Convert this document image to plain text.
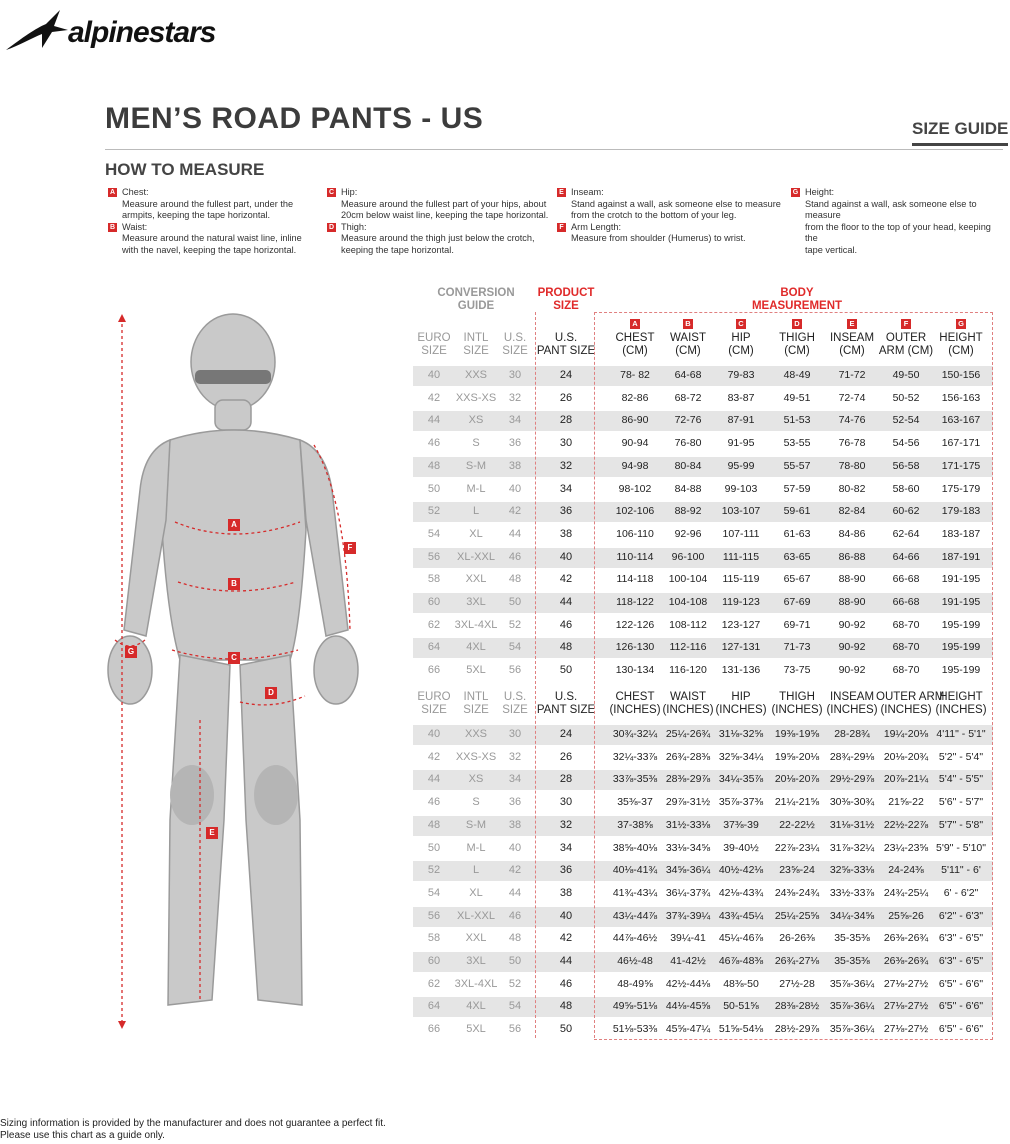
alpinestars
MEN’S ROAD PANTS - US	SIZE GUIDE
HOW TO MEASURE
A Chest:
Measure around the fullest part, under the
armpits, keeping the tape horizontal.
B Waist:
Measure around the natural waist line, inline
with the navel, keeping the tape horizontal.
C Hip:
Measure around the fullest part of your hips, about
20cm below waist line, keeping the tape horizontal.
D Thigh:
Measure around the thigh just below the crotch,
keeping the tape horizontal.
E Inseam:
Stand against a wall, ask someone else to measure
from the crotch to the bottom of your leg.
F Arm Length:
Measure from shoulder (Humerus) to wrist.
G Height:
Stand against a wall, ask someone else to measure
from the floor to the top of your head, keeping the
tape vertical.
A
B
C
D
E
F
G
CONVERSION
GUIDE
PRODUCT
SIZE
BODY
MEASUREMENT
A	B	C	D	E	F	G
EURO
SIZE
INTL
SIZE
U.S.
SIZE
U.S.
PANT SIZE
CHEST
(CM)
WAIST
(CM)
HIP
(CM)
THIGH
(CM)
INSEAM
(CM)
OUTER
ARM (CM)
HEIGHT
(CM)
40	XXS	30	24	78- 82	64-68	79-83	48-49	71-72	49-50	150-156
42	XXS-XS	32	26	82-86	68-72	83-87	49-51	72-74	50-52	156-163
44	XS	34	28	86-90	72-76	87-91	51-53	74-76	52-54	163-167
46	S	36	30	90-94	76-80	91-95	53-55	76-78	54-56	167-171
48	S-M	38	32	94-98	80-84	95-99	55-57	78-80	56-58	171-175
50	M-L	40	34	98-102	84-88	99-103	57-59	80-82	58-60	175-179
52	L	42	36	102-106	88-92	103-107	59-61	82-84	60-62	179-183
54	XL	44	38	106-110	92-96	107-111	61-63	84-86	62-64	183-187
56	XL-XXL	46	40	110-114	96-100	111-115	63-65	86-88	64-66	187-191
58	XXL	48	42	114-118	100-104	115-119	65-67	88-90	66-68	191-195
60	3XL	50	44	118-122	104-108	119-123	67-69	88-90	66-68	191-195
62	3XL-4XL	52	46	122-126	108-112	123-127	69-71	90-92	68-70	195-199
64	4XL	54	48	126-130	112-116	127-131	71-73	90-92	68-70	195-199
66	5XL	56	50	130-134	116-120	131-136	73-75	90-92	68-70	195-199
EURO
SIZE
INTL
SIZE
U.S.
SIZE
U.S.
PANT SIZE
CHEST
(INCHES)
WAIST
(INCHES)
HIP
(INCHES)
THIGH
(INCHES)
INSEAM
(INCHES)
OUTER ARM
(INCHES)
HEIGHT
(INCHES)
40	XXS	30	24	30¾-32¼ 25¼-26¾ 31⅛-32⅝	19⅜-19⅝	28-28¾	19¼-20⅛ 4'11" - 5'1"
42	XXS-XS	32	26	32¼-33⅞ 26¾-28⅜ 32⅝-34¼	19⅝-20⅛	28¾-29⅛ 20⅛-20¾	5'2" - 5'4"
44	XS	34	28	33⅞-35⅜ 28⅜-29⅞ 34¼-35⅞	20⅛-20⅞	29½-29⅞ 20⅞-21¼	5'4" - 5'5"
46	S	36	30	35⅜-37	29⅞-31½ 35⅞-37⅜	21¼-21⅝	30⅜-30¾	21⅝-22	5'6" - 5'7"
48	S-M	38	32	37-38⅝	31½-33⅛	37⅜-39	22-22½	31⅛-31½ 22½-22⅞	5'7" - 5'8"
50	M-L	40	34	38⅝-40⅛ 33⅛-34⅝	39-40½	22⅞-23¼	31⅞-32¼ 23¼-23⅝ 5'9" - 5'10"
52	L	42	36	40⅛-41¾ 34⅝-36¼ 40½-42⅛	23⅝-24	32⅝-33⅛	24-24⅜	5'11" - 6'
54	XL	44	38	41¾-43¼ 36¼-37¾ 42⅛-43¾	24⅜-24¾	33½-33⅞ 24¾-25¼	6' - 6'2"
56	XL-XXL	46	40	43¼-44⅞ 37¾-39¼ 43¾-45¼	25¼-25⅝	34¼-34⅝	25⅝-26	6'2" - 6'3"
58	XXL	48	42	44⅞-46½	39¼-41	45¼-46⅞	26-26⅜	35-35⅜	26⅜-26¾	6'3" - 6'5"
60	3XL	50	44	46½-48	41-42½	46⅞-48⅜	26¾-27⅛	35-35⅜	26⅜-26¾	6'3" - 6'5"
62	3XL-4XL	52	46	48-49⅝	42½-44⅛	48⅜-50	27½-28	35⅞-36¼ 27⅛-27½	6'5" - 6'6"
64	4XL	54	48	49⅝-51⅛ 44⅛-45⅝	50-51⅝	28⅜-28½	35⅞-36¼ 27⅛-27½	6'5" - 6'6"
66	5XL	56	50	51⅛-53⅜ 45⅝-47¼ 51⅝-54⅛	28½-29⅞	35⅞-36¼ 27⅛-27½	6'5" - 6'6"
Sizing information is provided by the manufacturer and does not guarantee a perfect fit.
Please use this chart as a guide only.
